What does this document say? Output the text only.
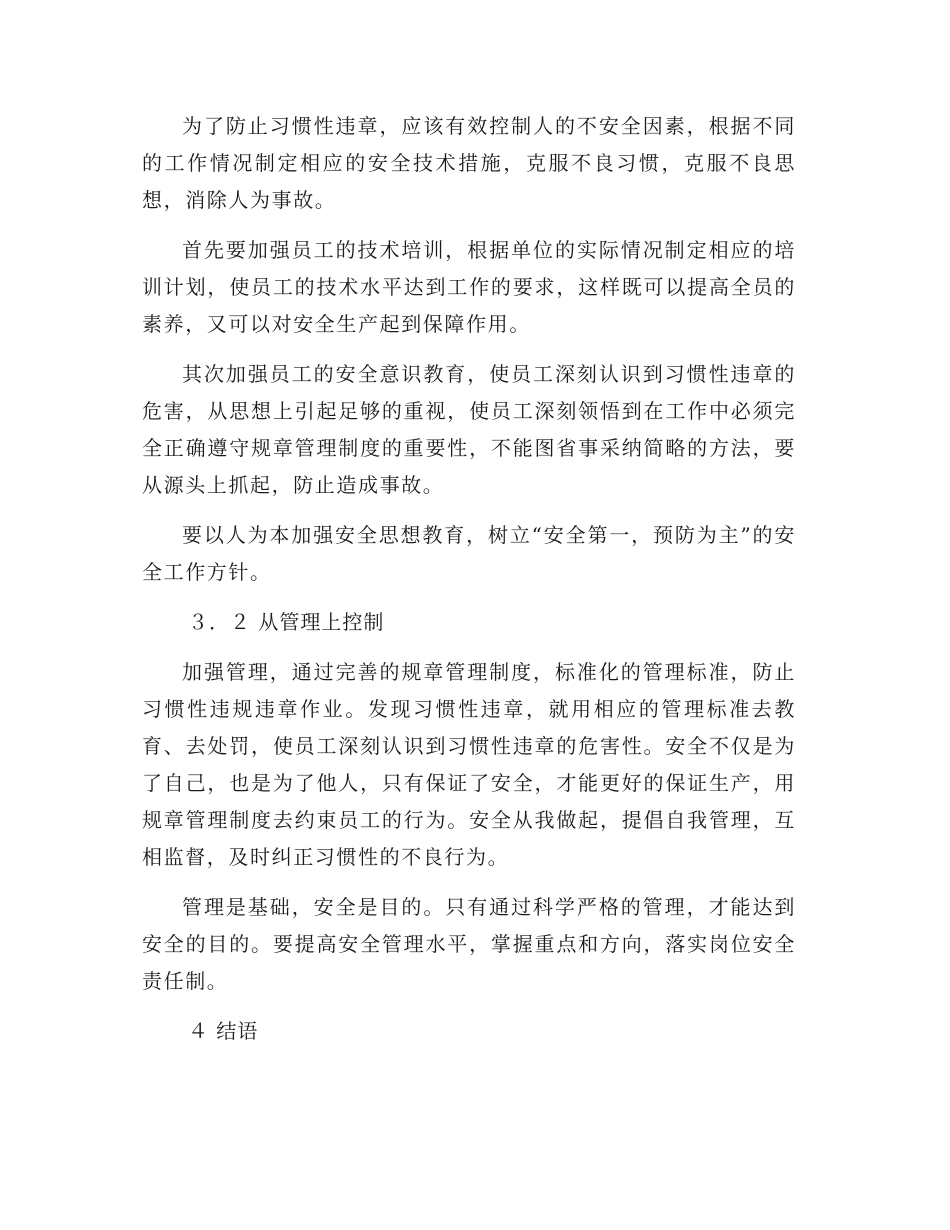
为了防止习惯性违章，应该有效控制人的不安全因素，根据不同的工作情况制定相应的安全技术措施，克服不良习惯，克服不良思想，消除人为事故。

首先要加强员工的技术培训，根据单位的实际情况制定相应的培训计划，使员工的技术水平达到工作的要求，这样既可以提高全员的素养，又可以对安全生产起到保障作用。

其次加强员工的安全意识教育，使员工深刻认识到习惯性违章的危害，从思想上引起足够的重视，使员工深刻领悟到在工作中必须完全正确遵守规章管理制度的重要性，不能图省事采纳简略的方法，要从源头上抓起，防止造成事故。

要以人为本加强安全思想教育，树立“安全第一，预防为主”的安全工作方针。

３．２ 从管理上控制

加强管理，通过完善的规章管理制度，标准化的管理标准，防止习惯性违规违章作业。发现习惯性违章，就用相应的管理标准去教育、去处罚，使员工深刻认识到习惯性违章的危害性。安全不仅是为了自己，也是为了他人，只有保证了安全，才能更好的保证生产，用规章管理制度去约束员工的行为。安全从我做起，提倡自我管理，互相监督，及时纠正习惯性的不良行为。

管理是基础，安全是目的。只有通过科学严格的管理，才能达到安全的目的。要提高安全管理水平，掌握重点和方向，落实岗位安全责任制。

４ 结语
